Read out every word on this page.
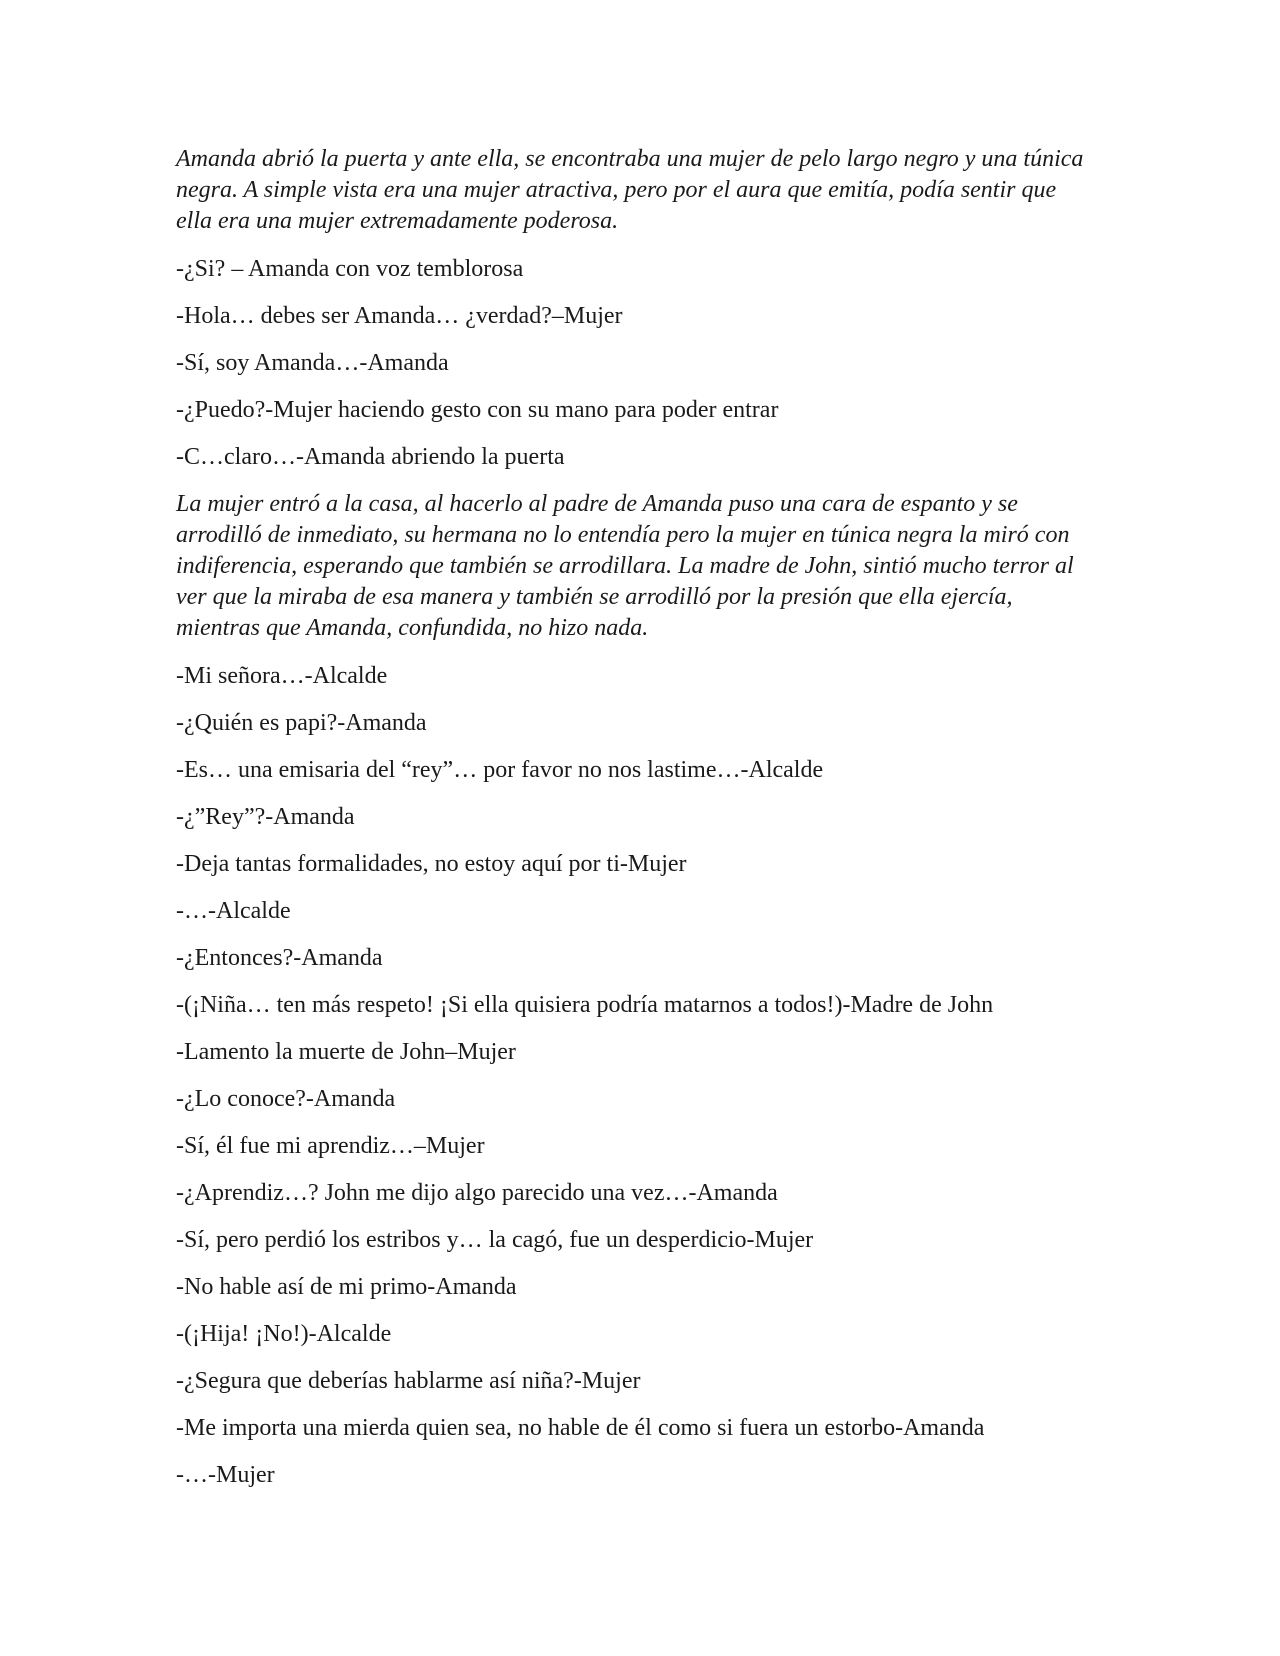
Amanda abrió la puerta y ante ella, se encontraba una mujer de pelo largo negro y una túnica negra. A simple vista era una mujer atractiva, pero por el aura que emitía, podía sentir que ella era una mujer extremadamente poderosa.

-¿Si? – Amanda con voz temblorosa
-Hola… debes ser Amanda… ¿verdad?–Mujer
-Sí, soy Amanda…-Amanda
-¿Puedo?-Mujer haciendo gesto con su mano para poder entrar
-C…claro…-Amanda abriendo la puerta

La mujer entró a la casa, al hacerlo al padre de Amanda puso una cara de espanto y se arrodilló de inmediato, su hermana no lo entendía pero la mujer en túnica negra la miró con indiferencia, esperando que también se arrodillara. La madre de John, sintió mucho terror al ver que la miraba de esa manera y también se arrodilló por la presión que ella ejercía, mientras que Amanda, confundida, no hizo nada.

-Mi señora…-Alcalde
-¿Quién es papi?-Amanda
-Es… una emisaria del “rey”… por favor no nos lastime…-Alcalde
-¿”Rey”?-Amanda
-Deja tantas formalidades, no estoy aquí por ti-Mujer
-…-Alcalde
-¿Entonces?-Amanda
-(¡Niña… ten más respeto! ¡Si ella quisiera podría matarnos a todos!)-Madre de John
-Lamento la muerte de John–Mujer
-¿Lo conoce?-Amanda
-Sí, él fue mi aprendiz…–Mujer
-¿Aprendiz…? John me dijo algo parecido una vez…-Amanda
-Sí, pero perdió los estribos y… la cagó, fue un desperdicio-Mujer
-No hable así de mi primo-Amanda
-(¡Hija! ¡No!)-Alcalde
-¿Segura que deberías hablarme así niña?-Mujer
-Me importa una mierda quien sea, no hable de él como si fuera un estorbo-Amanda
-…-Mujer
